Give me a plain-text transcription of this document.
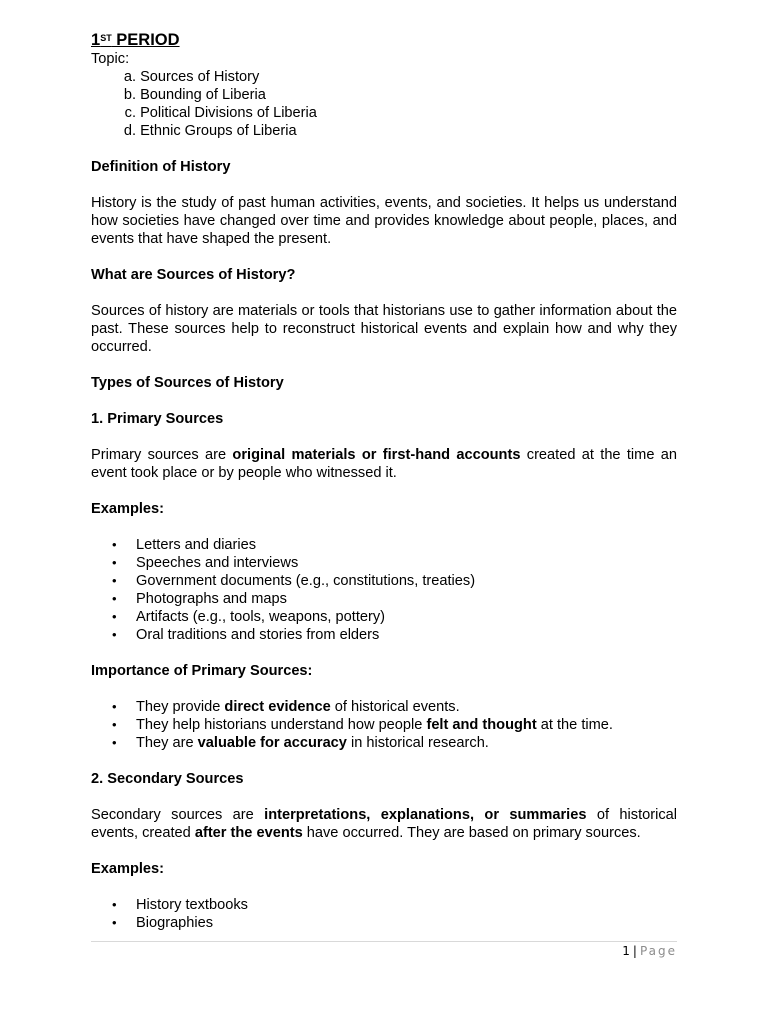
1ST PERIOD

Topic:

a.
Sources of History
b.
Bounding of Liberia
c.
Political Divisions of Liberia
d.
Ethnic Groups of Liberia

Definition of History

History is the study of past human activities, events, and societies. It helps us understand how societies have changed over time and provides knowledge about people, places, and events that have shaped the present.

What are Sources of History?

Sources of history are materials or tools that historians use to gather information about the past. These sources help to reconstruct historical events and explain how and why they occurred.

Types of Sources of History

1. Primary Sources

Primary sources are original materials or first-hand accounts created at the time an event took place or by people who witnessed it.

Examples:

•	Letters and diaries
•	Speeches and interviews
•	Government documents (e.g., constitutions, treaties)
•	Photographs and maps
•	Artifacts (e.g., tools, weapons, pottery)
•	Oral traditions and stories from elders

Importance of Primary Sources:

•	They provide direct evidence of historical events.
•	They help historians understand how people felt and thought at the time.
•	They are valuable for accuracy in historical research.

2. Secondary Sources

Secondary sources are interpretations, explanations, or summaries of historical events, created after the events have occurred. They are based on primary sources.

Examples:

•	History textbooks
•	Biographies
1 | Page
